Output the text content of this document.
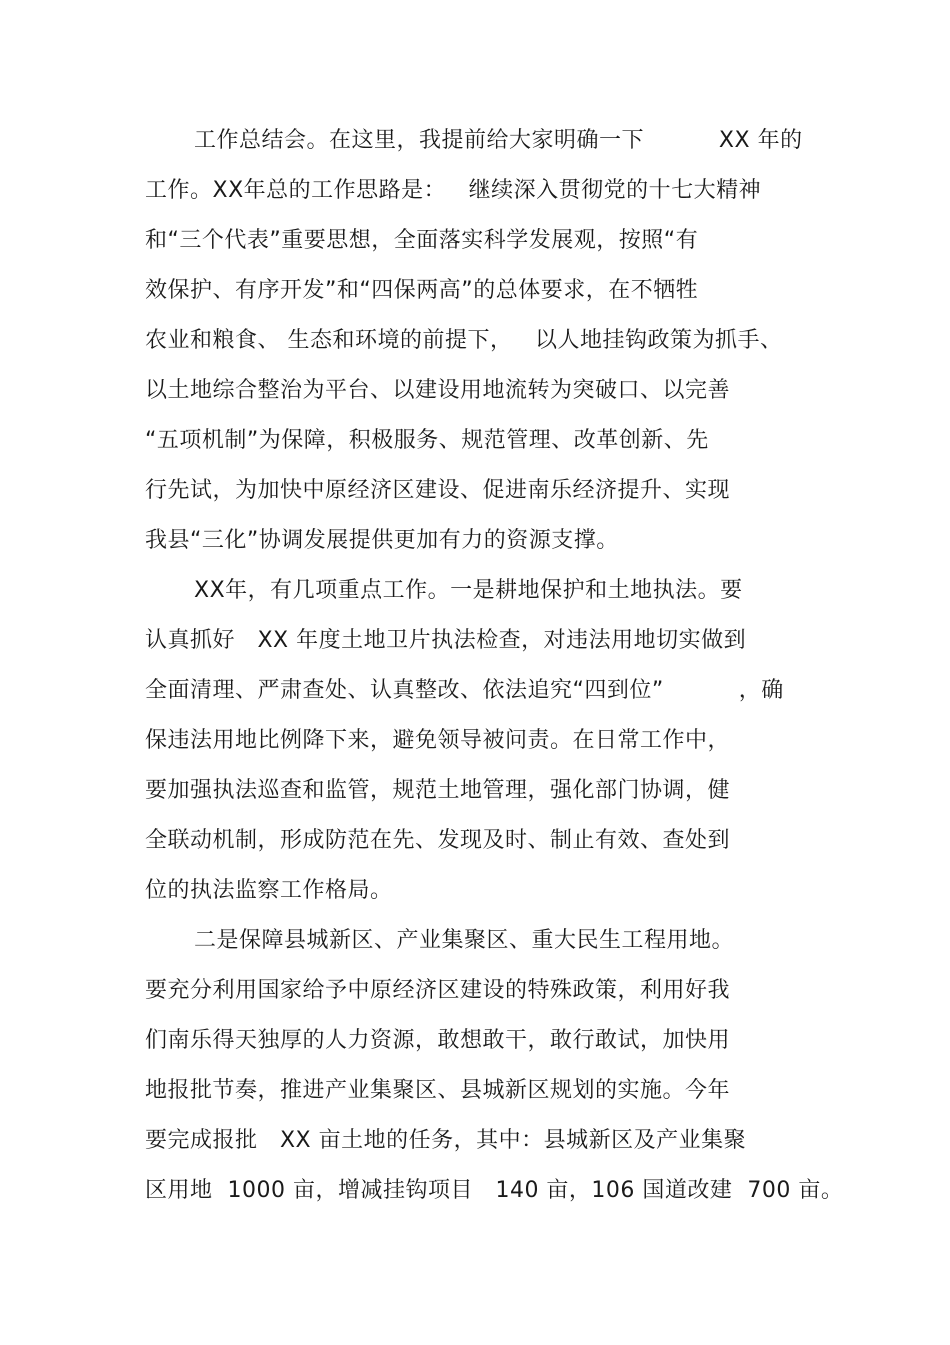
工作总结会。在这里，我提前给大家明确一下          XX 年的
工作。XX年总的工作思路是：   继续深入贯彻党的十七大精神
和“三个代表”重要思想，全面落实科学发展观，按照“有
效保护、有序开发”和“四保两高”的总体要求，在不牺牲
农业和粮食、 生态和环境的前提下，   以人地挂钩政策为抓手、
以土地综合整治为平台、以建设用地流转为突破口、以完善
“五项机制”为保障，积极服务、规范管理、改革创新、先
行先试，为加快中原经济区建设、促进南乐经济提升、实现
我县“三化”协调发展提供更加有力的资源支撑。
XX年，有几项重点工作。一是耕地保护和土地执法。要
认真抓好   XX 年度土地卫片执法检查，对违法用地切实做到
全面清理、严肃查处、认真整改、依法追究“四到位”          ，确
保违法用地比例降下来，避免领导被问责。在日常工作中，
要加强执法巡查和监管，规范土地管理，强化部门协调，健
全联动机制，形成防范在先、发现及时、制止有效、查处到
位的执法监察工作格局。
二是保障县城新区、产业集聚区、重大民生工程用地。
要充分利用国家给予中原经济区建设的特殊政策，利用好我
们南乐得天独厚的人力资源，敢想敢干，敢行敢试，加快用
地报批节奏，推进产业集聚区、县城新区规划的实施。今年
要完成报批   XX 亩土地的任务，其中：县城新区及产业集聚
区用地  1000 亩，增减挂钩项目   140 亩，106 国道改建  700 亩。
